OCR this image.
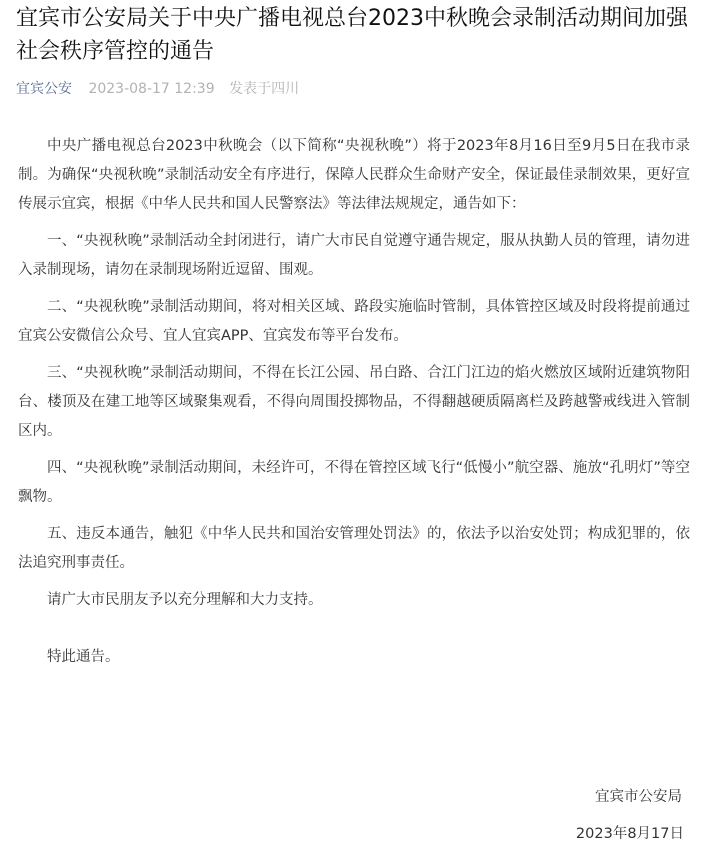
宜宾市公安局关于中央广播电视总台2023中秋晚会录制活动期间加强社会秩序管控的通告
宜宾公安 2023-08-17 12:39 发表于四川

中央广播电视总台2023中秋晚会（以下简称“央视秋晚”）将于2023年8月16日至9月5日在我市录制。为确保“央视秋晚”录制活动安全有序进行，保障人民群众生命财产安全，保证最佳录制效果，更好宣传展示宜宾，根据《中华人民共和国人民警察法》等法律法规规定，通告如下：

一、“央视秋晚”录制活动全封闭进行，请广大市民自觉遵守通告规定，服从执勤人员的管理，请勿进入录制现场，请勿在录制现场附近逗留、围观。

二、“央视秋晚”录制活动期间，将对相关区域、路段实施临时管制，具体管控区域及时段将提前通过宜宾公安微信公众号、宜人宜宾APP、宜宾发布等平台发布。

三、“央视秋晚”录制活动期间，不得在长江公园、吊白路、合江门江边的焰火燃放区域附近建筑物阳台、楼顶及在建工地等区域聚集观看，不得向周围投掷物品，不得翻越硬质隔离栏及跨越警戒线进入管制区内。

四、“央视秋晚”录制活动期间，未经许可，不得在管控区域飞行“低慢小”航空器、施放“孔明灯”等空飘物。

五、违反本通告，触犯《中华人民共和国治安管理处罚法》的，依法予以治安处罚；构成犯罪的，依法追究刑事责任。

请广大市民朋友予以充分理解和大力支持。

特此通告。

宜宾市公安局
2023年8月17日
